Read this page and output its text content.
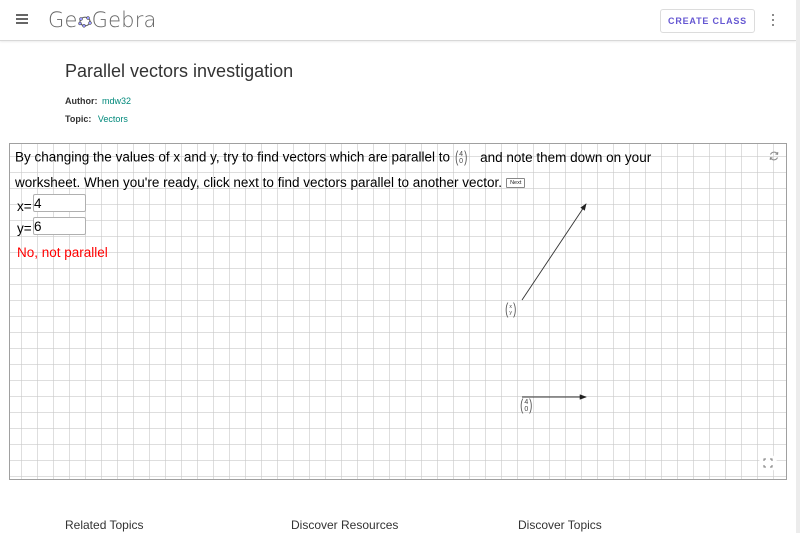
Ge Gebra	CREATE CLASS
Parallel vectors investigation
Author: mdw32
Topic: Vectors
By changing the values of x and y, try to find vectors which are parallel to ( 4
0 ) and note them down on your
worksheet. When you're ready, click next to find vectors parallel to another vector. Next
x= 4
y= 6
No, not parallel
( x
y )
( 4
0 )
Related Topics	Discover Resources	Discover Topics
